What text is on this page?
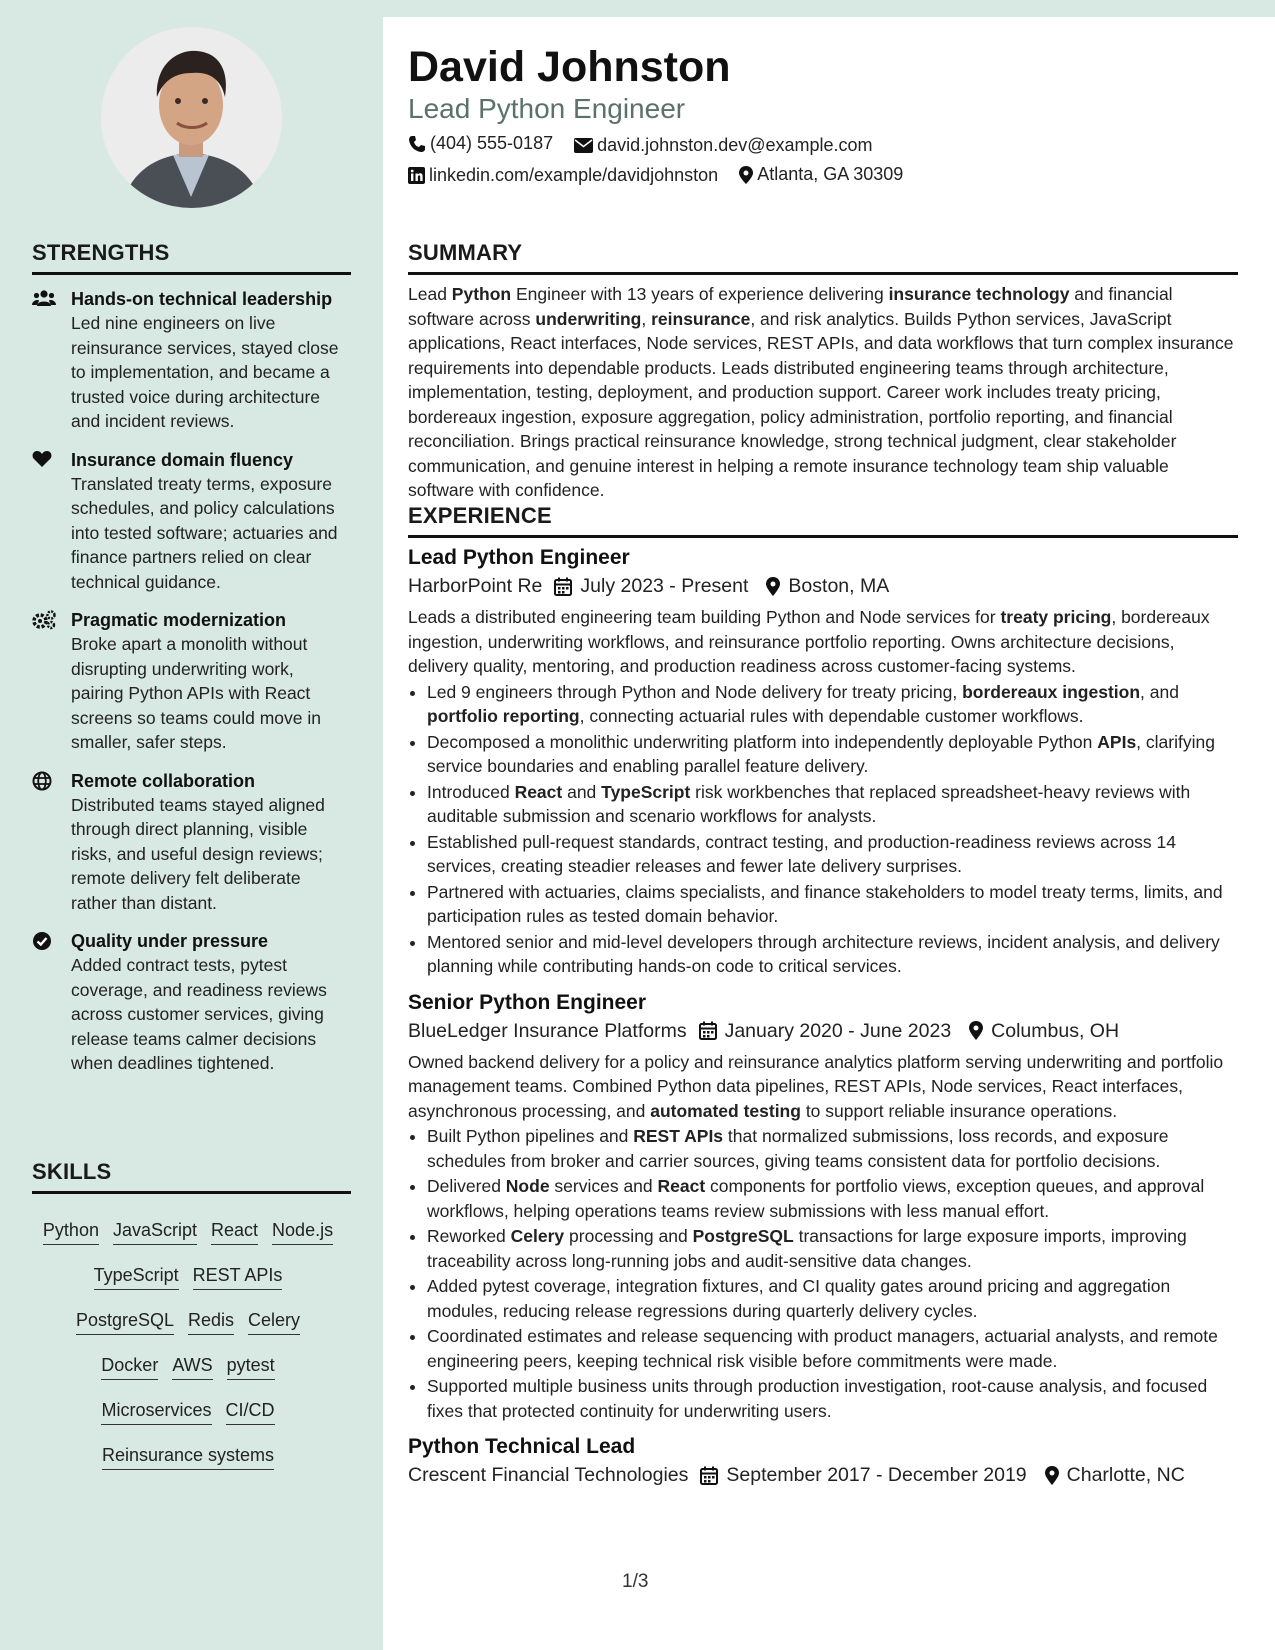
STRENGTHS
Hands-on technical leadership
Led nine engineers on live reinsurance services, stayed close to implementation, and became a trusted voice during architecture and incident reviews.
Insurance domain fluency
Translated treaty terms, exposure schedules, and policy calculations into tested software; actuaries and finance partners relied on clear technical guidance.
Pragmatic modernization
Broke apart a monolith without disrupting underwriting work, pairing Python APIs with React screens so teams could move in smaller, safer steps.
Remote collaboration
Distributed teams stayed aligned through direct planning, visible risks, and useful design reviews; remote delivery felt deliberate rather than distant.
Quality under pressure
Added contract tests, pytest coverage, and readiness reviews across customer services, giving release teams calmer decisions when deadlines tightened.
SKILLS
Python JavaScript React Node.js
TypeScript REST APIs
PostgreSQL Redis Celery
Docker AWS pytest
Microservices CI/CD
Reinsurance systems
David Johnston
Lead Python Engineer
(404) 555-0187
david.johnston.dev@example.com
linkedin.com/example/davidjohnston
Atlanta, GA 30309
SUMMARY

Lead Python Engineer with 13 years of experience delivering insurance technology and financial software across underwriting, reinsurance, and risk analytics. Builds Python services, JavaScript applications, React interfaces, Node services, REST APIs, and data workflows that turn complex insurance requirements into dependable products. Leads distributed engineering teams through architecture, implementation, testing, deployment, and production support. Career work includes treaty pricing, bordereaux ingestion, exposure aggregation, policy administration, portfolio reporting, and financial reconciliation. Brings practical reinsurance knowledge, strong technical judgment, clear stakeholder communication, and genuine interest in helping a remote insurance technology team ship valuable software with confidence.

EXPERIENCE
Lead Python Engineer
HarborPoint Re July 2023 - Present Boston, MA

Leads a distributed engineering team building Python and Node services for treaty pricing, bordereaux ingestion, underwriting workflows, and reinsurance portfolio reporting. Owns architecture decisions, delivery quality, mentoring, and production readiness across customer-facing systems.

• Led 9 engineers through Python and Node delivery for treaty pricing, bordereaux ingestion, and portfolio reporting, connecting actuarial rules with dependable customer workflows.
• Decomposed a monolithic underwriting platform into independently deployable Python APIs, clarifying service boundaries and enabling parallel feature delivery.
• Introduced React and TypeScript risk workbenches that replaced spreadsheet-heavy reviews with auditable submission and scenario workflows for analysts.
• Established pull-request standards, contract testing, and production-readiness reviews across 14 services, creating steadier releases and fewer late delivery surprises.
• Partnered with actuaries, claims specialists, and finance stakeholders to model treaty terms, limits, and participation rules as tested domain behavior.
• Mentored senior and mid-level developers through architecture reviews, incident analysis, and delivery planning while contributing hands-on code to critical services.
Senior Python Engineer
BlueLedger Insurance Platforms January 2020 - June 2023 Columbus, OH

Owned backend delivery for a policy and reinsurance analytics platform serving underwriting and portfolio management teams. Combined Python data pipelines, REST APIs, Node services, React interfaces, asynchronous processing, and automated testing to support reliable insurance operations.

• Built Python pipelines and REST APIs that normalized submissions, loss records, and exposure schedules from broker and carrier sources, giving teams consistent data for portfolio decisions.
• Delivered Node services and React components for portfolio views, exception queues, and approval workflows, helping operations teams review submissions with less manual effort.
• Reworked Celery processing and PostgreSQL transactions for large exposure imports, improving traceability across long-running jobs and audit-sensitive data changes.
• Added pytest coverage, integration fixtures, and CI quality gates around pricing and aggregation modules, reducing release regressions during quarterly delivery cycles.
• Coordinated estimates and release sequencing with product managers, actuarial analysts, and remote engineering peers, keeping technical risk visible before commitments were made.
• Supported multiple business units through production investigation, root-cause analysis, and focused fixes that protected continuity for underwriting users.
Python Technical Lead
Crescent Financial Technologies September 2017 - December 2019 Charlotte, NC
1/3
